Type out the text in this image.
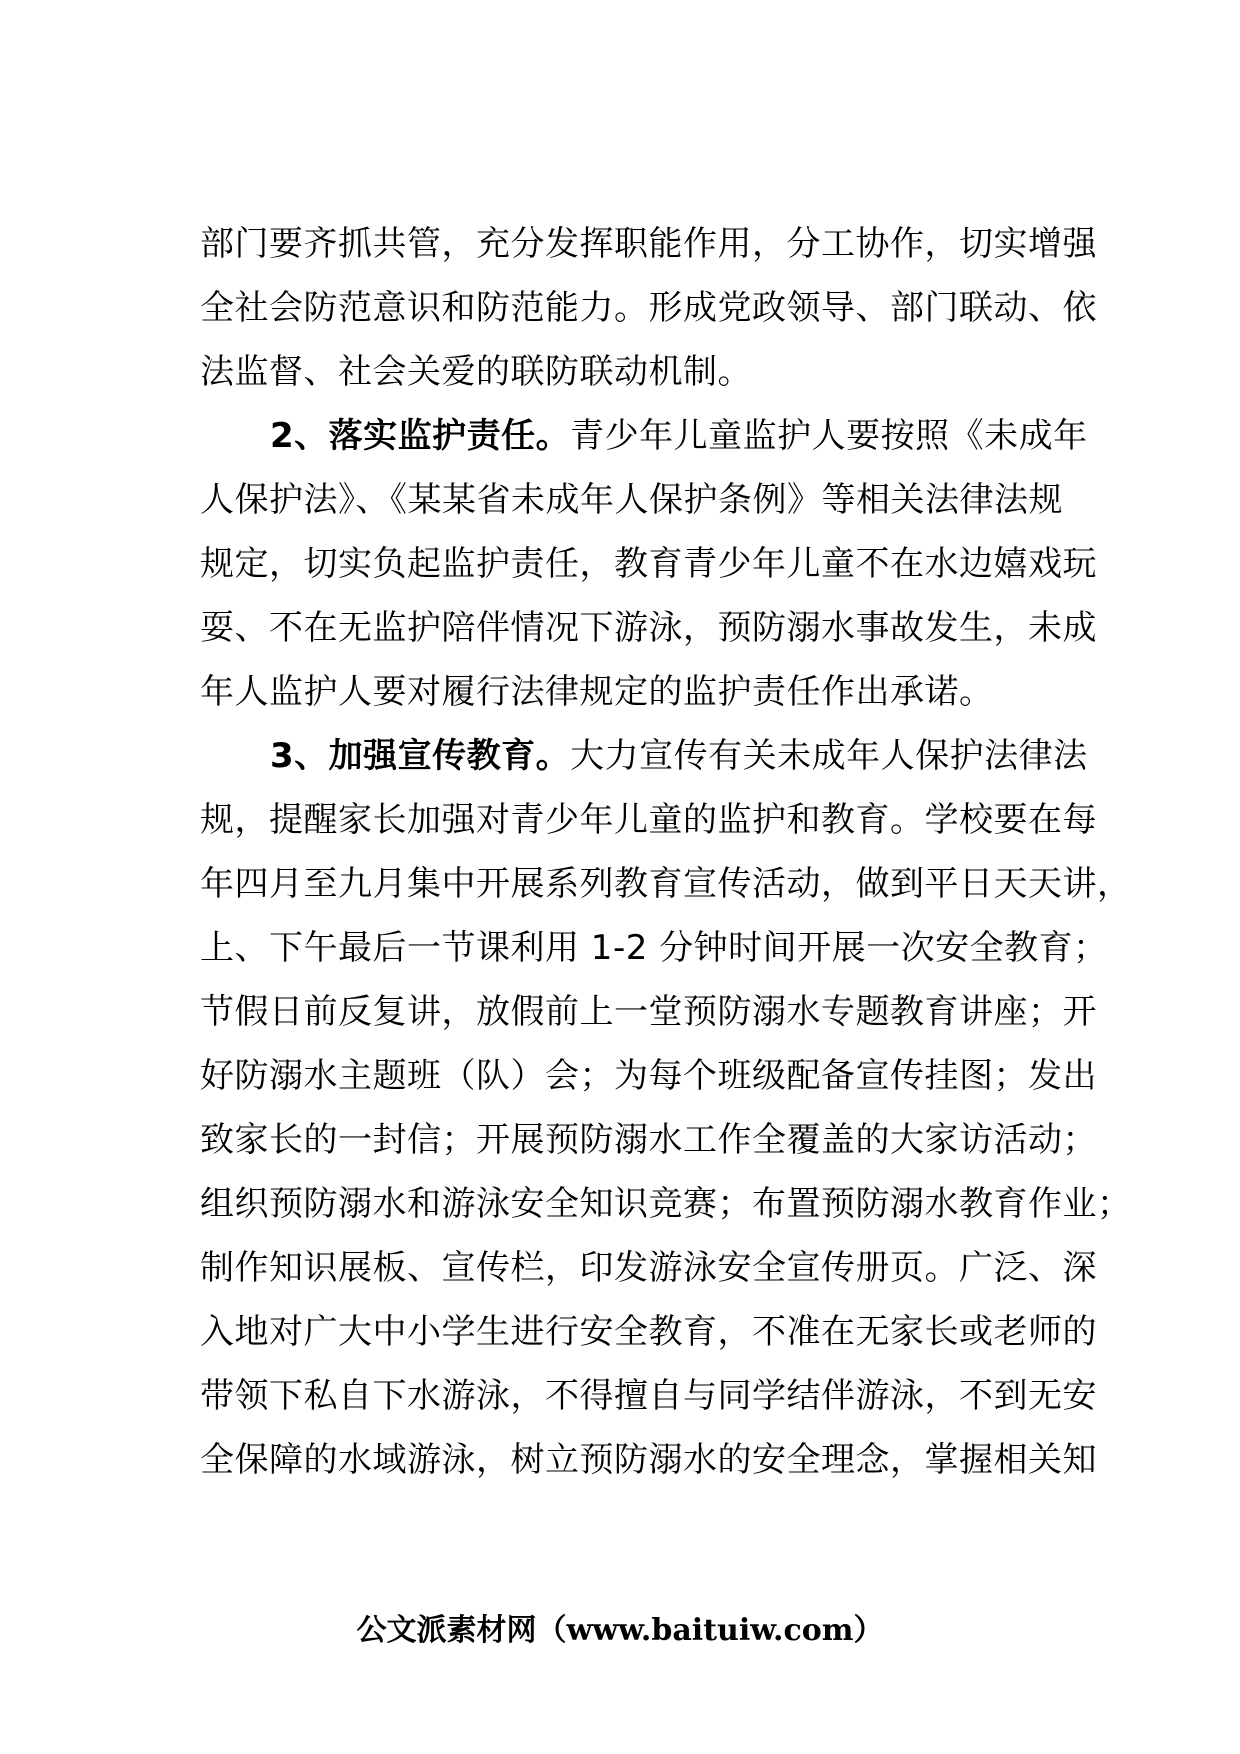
部门要齐抓共管，充分发挥职能作用，分工协作，切实增强
全社会防范意识和防范能力。形成党政领导、部门联动、依
法监督、社会关爱的联防联动机制。
2、落实监护责任。青少年儿童监护人要按照《未成年
人保护法》、《某某省未成年人保护条例》等相关法律法规
规定，切实负起监护责任，教育青少年儿童不在水边嬉戏玩
耍、不在无监护陪伴情况下游泳，预防溺水事故发生，未成
年人监护人要对履行法律规定的监护责任作出承诺。
3、加强宣传教育。大力宣传有关未成年人保护法律法
规，提醒家长加强对青少年儿童的监护和教育。学校要在每
年四月至九月集中开展系列教育宣传活动，做到平日天天讲，
上、下午最后一节课利用 1-2 分钟时间开展一次安全教育；
节假日前反复讲，放假前上一堂预防溺水专题教育讲座；开
好防溺水主题班（队）会；为每个班级配备宣传挂图；发出
致家长的一封信；开展预防溺水工作全覆盖的大家访活动；
组织预防溺水和游泳安全知识竞赛；布置预防溺水教育作业；
制作知识展板、宣传栏，印发游泳安全宣传册页。广泛、深
入地对广大中小学生进行安全教育，不准在无家长或老师的
带领下私自下水游泳，不得擅自与同学结伴游泳，不到无安
全保障的水域游泳，树立预防溺水的安全理念，掌握相关知
公文派素材网（www.baituiw.com）
